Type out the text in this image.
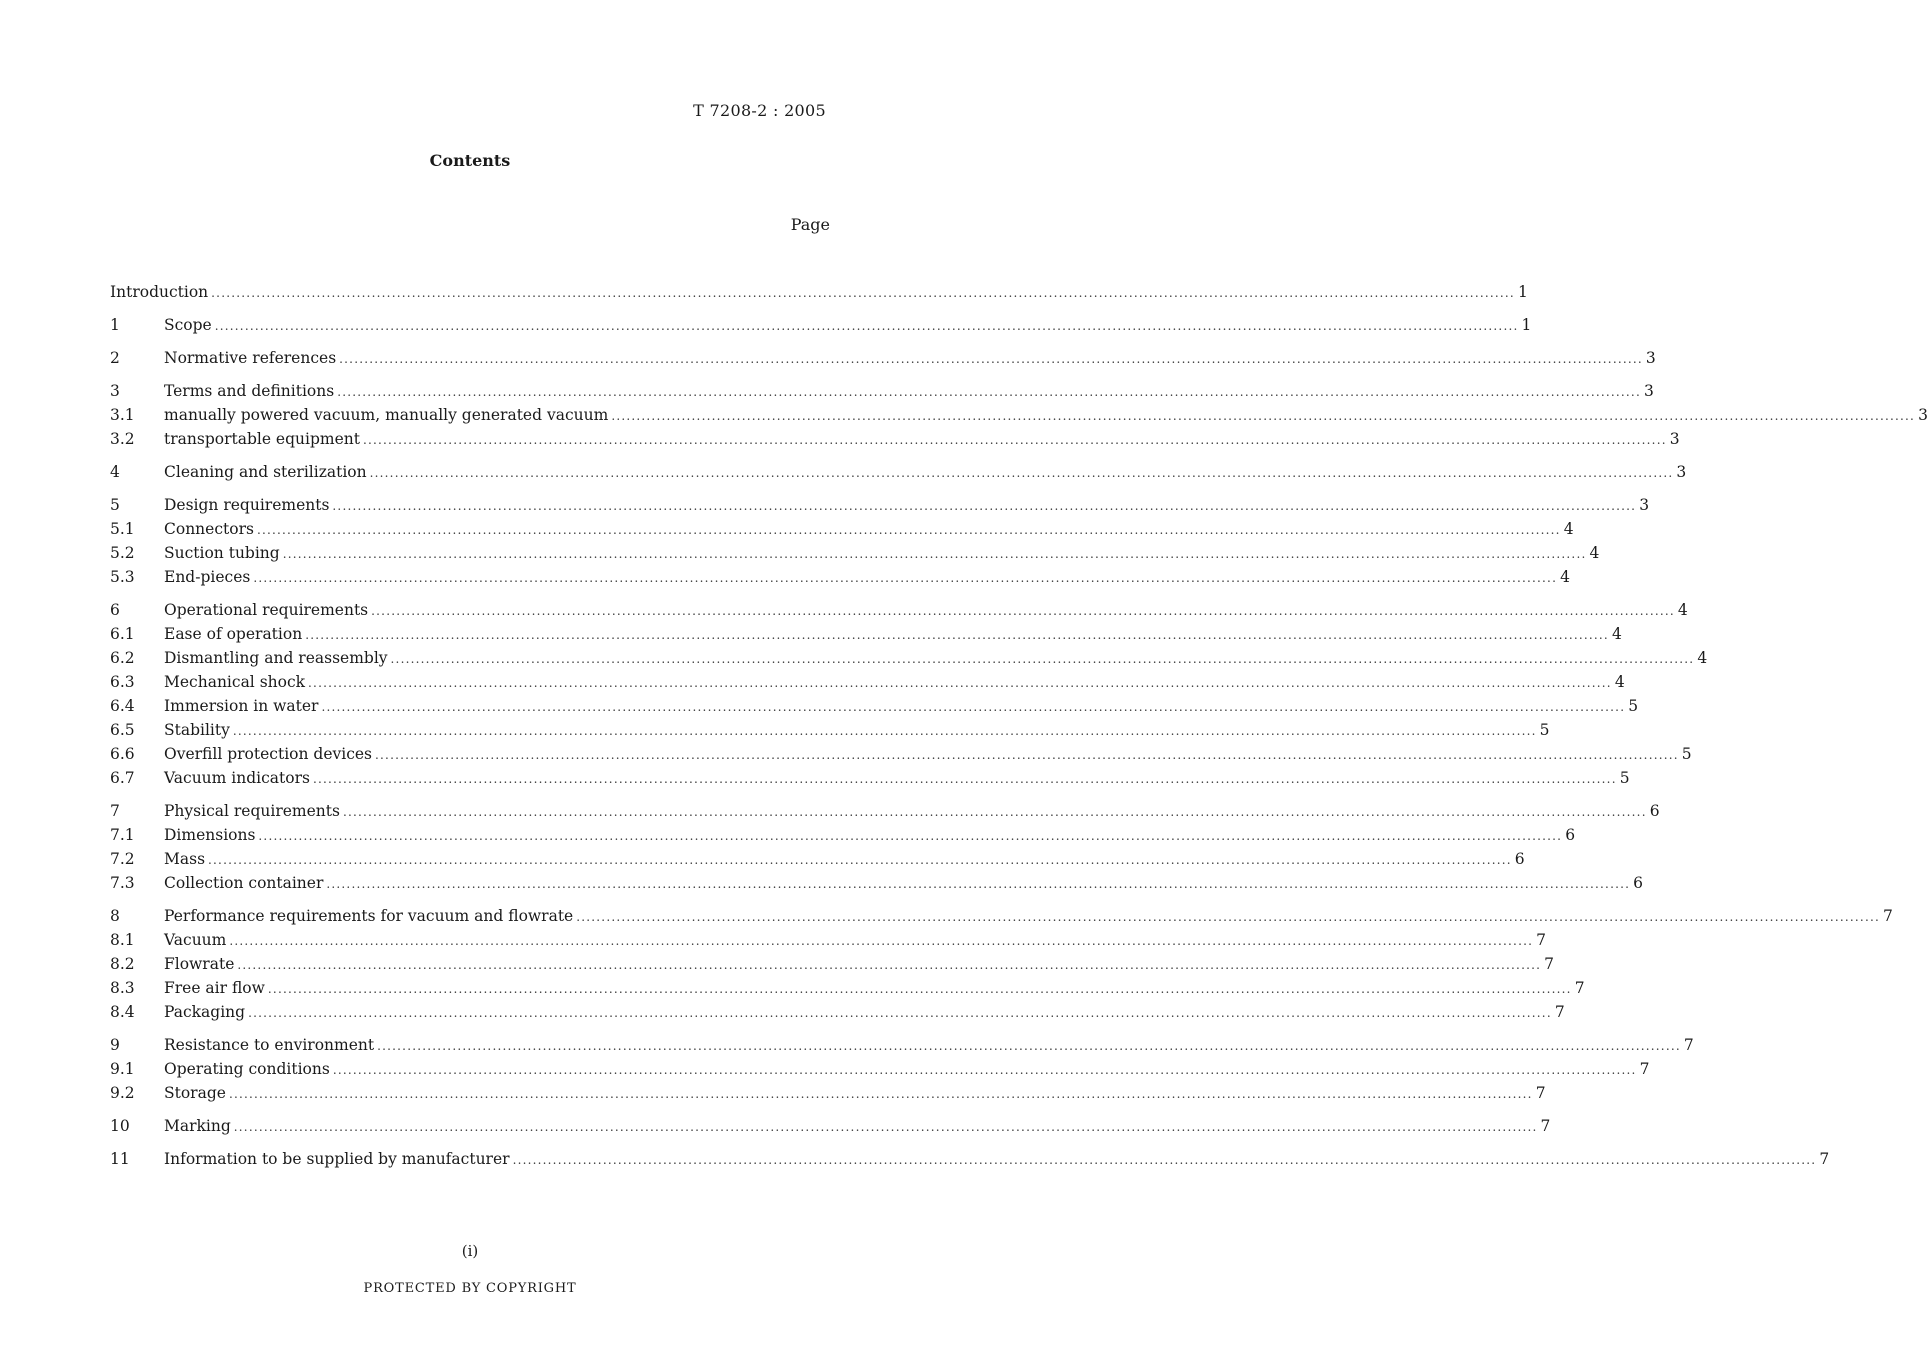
T 7208-2 : 2005
Contents
Page
Introduction .................................................................................................................................................................................................................................................................... 1
1	Scope .................................................................................................................................................................................................................................................................... 1
2	Normative references .................................................................................................................................................................................................................................................................... 3
3	Terms and definitions .................................................................................................................................................................................................................................................................... 3
3.1	manually powered vacuum, manually generated vacuum .................................................................................................................................................................................................................................................................... 3
3.2	transportable equipment .................................................................................................................................................................................................................................................................... 3
4	Cleaning and sterilization .................................................................................................................................................................................................................................................................... 3
5	Design requirements .................................................................................................................................................................................................................................................................... 3
5.1	Connectors .................................................................................................................................................................................................................................................................... 4
5.2	Suction tubing .................................................................................................................................................................................................................................................................... 4
5.3	End-pieces .................................................................................................................................................................................................................................................................... 4
6	Operational requirements .................................................................................................................................................................................................................................................................... 4
6.1	Ease of operation .................................................................................................................................................................................................................................................................... 4
6.2	Dismantling and reassembly .................................................................................................................................................................................................................................................................... 4
6.3	Mechanical shock .................................................................................................................................................................................................................................................................... 4
6.4	Immersion in water .................................................................................................................................................................................................................................................................... 5
6.5	Stability .................................................................................................................................................................................................................................................................... 5
6.6	Overfill protection devices .................................................................................................................................................................................................................................................................... 5
6.7	Vacuum indicators .................................................................................................................................................................................................................................................................... 5
7	Physical requirements .................................................................................................................................................................................................................................................................... 6
7.1	Dimensions .................................................................................................................................................................................................................................................................... 6
7.2	Mass .................................................................................................................................................................................................................................................................... 6
7.3	Collection container .................................................................................................................................................................................................................................................................... 6
8	Performance requirements for vacuum and flowrate .................................................................................................................................................................................................................................................................... 7
8.1	Vacuum .................................................................................................................................................................................................................................................................... 7
8.2	Flowrate .................................................................................................................................................................................................................................................................... 7
8.3	Free air flow .................................................................................................................................................................................................................................................................... 7
8.4	Packaging .................................................................................................................................................................................................................................................................... 7
9	Resistance to environment .................................................................................................................................................................................................................................................................... 7
9.1	Operating conditions .................................................................................................................................................................................................................................................................... 7
9.2	Storage .................................................................................................................................................................................................................................................................... 7
10	Marking .................................................................................................................................................................................................................................................................... 7
11	Information to be supplied by manufacturer .................................................................................................................................................................................................................................................................... 7
(i)
PROTECTED BY COPYRIGHT
